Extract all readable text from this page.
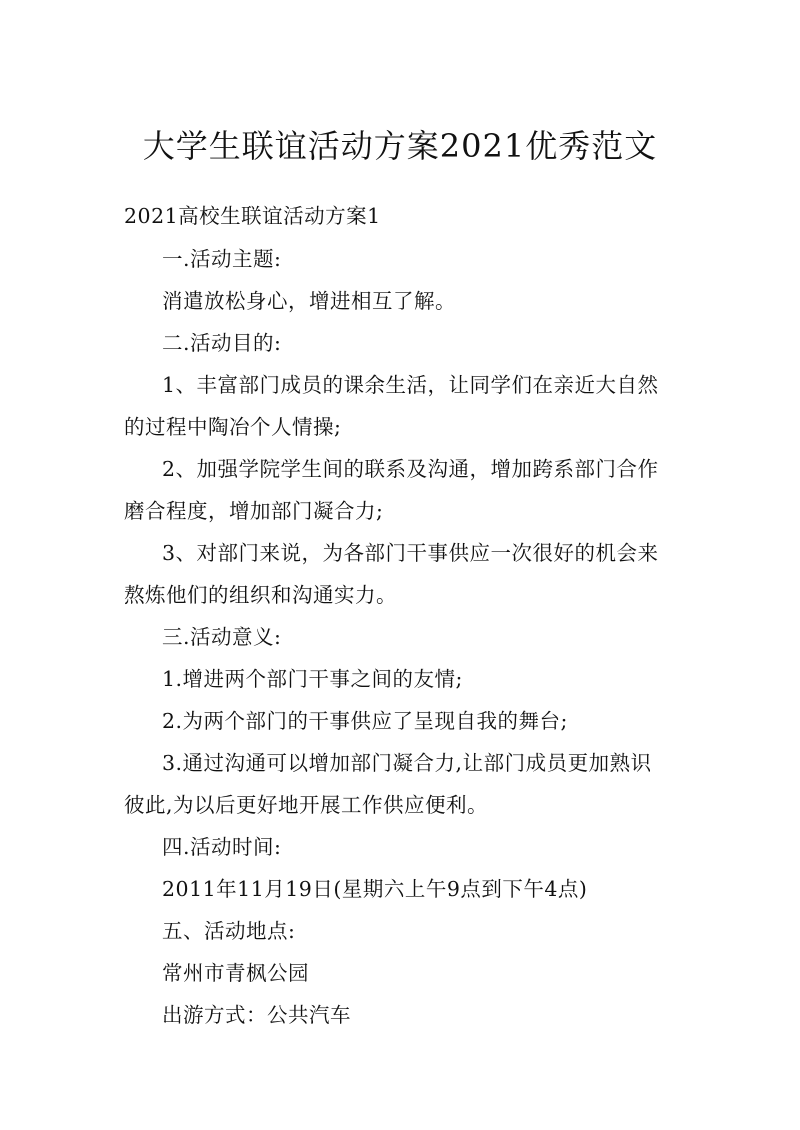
大学生联谊活动方案2021优秀范文
2021高校生联谊活动方案1
一.活动主题:
消遣放松身心，增进相互了解。
二.活动目的:
1、丰富部门成员的课余生活，让同学们在亲近大自然
的过程中陶冶个人情操;
2、加强学院学生间的联系及沟通，增加跨系部门合作
磨合程度，增加部门凝合力;
3、对部门来说，为各部门干事供应一次很好的机会来
熬炼他们的组织和沟通实力。
三.活动意义:
1.增进两个部门干事之间的友情;
2.为两个部门的干事供应了呈现自我的舞台;
3.通过沟通可以增加部门凝合力,让部门成员更加熟识
彼此,为以后更好地开展工作供应便利。
四.活动时间:
2011年11月19日(星期六上午9点到下午4点)
五、活动地点:
常州市青枫公园
出游方式：公共汽车
